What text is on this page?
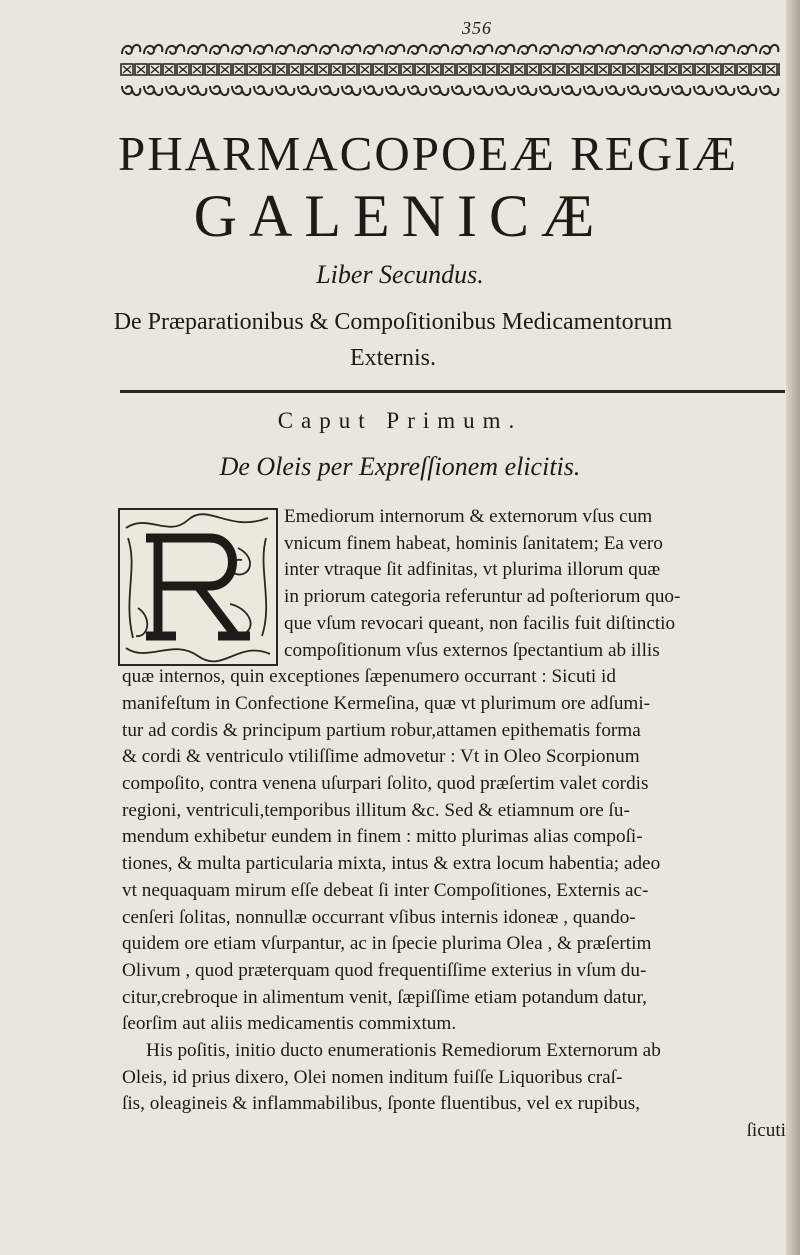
356
PHARMACOPOEÆ REGIÆ
GALENICÆ
Liber Secundus.
De Præparationibus & Compoſitionibus Medicamentorum
Externis.
Caput Primum.
De Oleis per Expreſſionem elicitis.
Emediorum internorum & externorum vſus cum
vnicum finem habeat, hominis ſanitatem; Ea vero
inter vtraque ſit adfinitas, vt plurima illorum quæ
in priorum categoria referuntur ad poſteriorum quo-
que vſum revocari queant, non facilis fuit diſtinctio
compoſitionum vſus externos ſpectantium ab illis
quæ internos, quin exceptiones ſæpenumero occurrant : Sicuti id
manifeſtum in Confectione Kermeſina, quæ vt plurimum ore adſumi-
tur ad cordis & principum partium robur,attamen epithematis forma
& cordi & ventriculo vtiliſſime admovetur : Vt in Oleo Scorpionum
compoſito, contra venena uſurpari ſolito, quod præſertim valet cordis
regioni, ventriculi,temporibus illitum &c. Sed & etiamnum ore ſu-
mendum exhibetur eundem in finem : mitto plurimas alias compoſi-
tiones, & multa particularia mixta, intus & extra locum habentia; adeo
vt nequaquam mirum eſſe debeat ſi inter Compoſitiones, Externis ac-
cenſeri ſolitas, nonnullæ occurrant vſibus internis idoneæ , quando-
quidem ore etiam vſurpantur, ac in ſpecie plurima Olea , & præſertim
Olivum , quod præterquam quod frequentiſſime exterius in vſum du-
citur,crebroque in alimentum venit, ſæpiſſime etiam potandum datur,
ſeorſim aut aliis medicamentis commixtum.
His poſitis, initio ducto enumerationis Remediorum Externorum ab
Oleis, id prius dixero, Olei nomen inditum fuiſſe Liquoribus craſ-
ſis, oleagineis & inflammabilibus, ſponte fluentibus, vel ex rupibus,
ſicuti
